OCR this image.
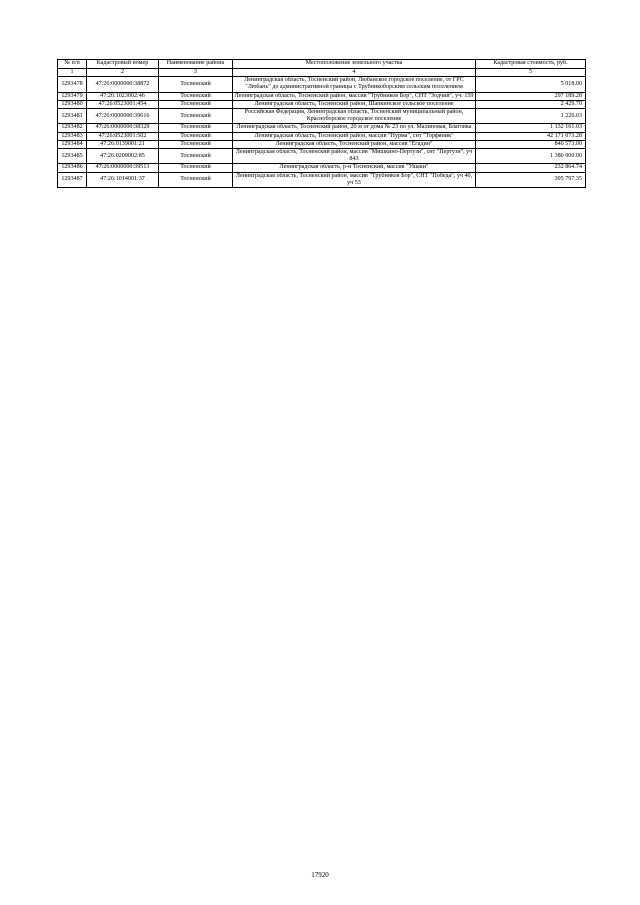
№ п/п	Кадастровый номер	Наименование района	Местоположение земельного участка	Кадастровая стоимость, руб.
1	2	3	4	5
1293478	47:26:0000000:38872	Тосненский	Ленинградская область, Тосненский район, Любанское городское поселение, от ГРС "Любань" до административной границы с Трубникоборским сельским поселением	5 018.00
1293479	47:26:1023002:46	Тосненский	Ленинградская область, Тосненский район, массив "Трубников Бор", СНТ "Зодчий", уч. 159	297 189.28
1293480	47:26:0523001:454	Тосненский	Ленинградская область, Тосненский район, Шапкинское сельское поселение	2 429.70
1293481	47:26:0000000:39616	Тосненский	Российская Федерация, Ленинградская область, Тосненский муниципальный район, Красноборское городское поселение	1 226.03
1293482	47:26:0000000:38329	Тосненский	Ленинградская область, Тосненский район, 20 м от дома № 23 по ул. Малиновая, Благовка	1 132 161.03
1293483	47:26:0523001:502	Тосненский	Ленинградская область, Тосненский район, массив "Нурма", снт "Торфяник"	42 171 073.28
1293484	47:26:0139001:21	Тосненский	Ленинградская область, Тосненский район, массив "Егадин"	840 573.00
1293485	47:26:0209002:85	Тосненский	Ленинградская область, Тосненский район, массив "Мишкино-Пертузи", снт "Пертузи", уч 843	1 380 000.00
1293486	47:26:0000000:39513	Тосненский	Ленинградская область, р-н Тосненский, массив "Ушаки"	232 864.74
1293487	47:26:1014001:37	Тосненский	Ленинградская область, Тосненский район, массив "Трубников Бор", СНТ "Победа", уч 40, уч 53	395 797.35
17920
